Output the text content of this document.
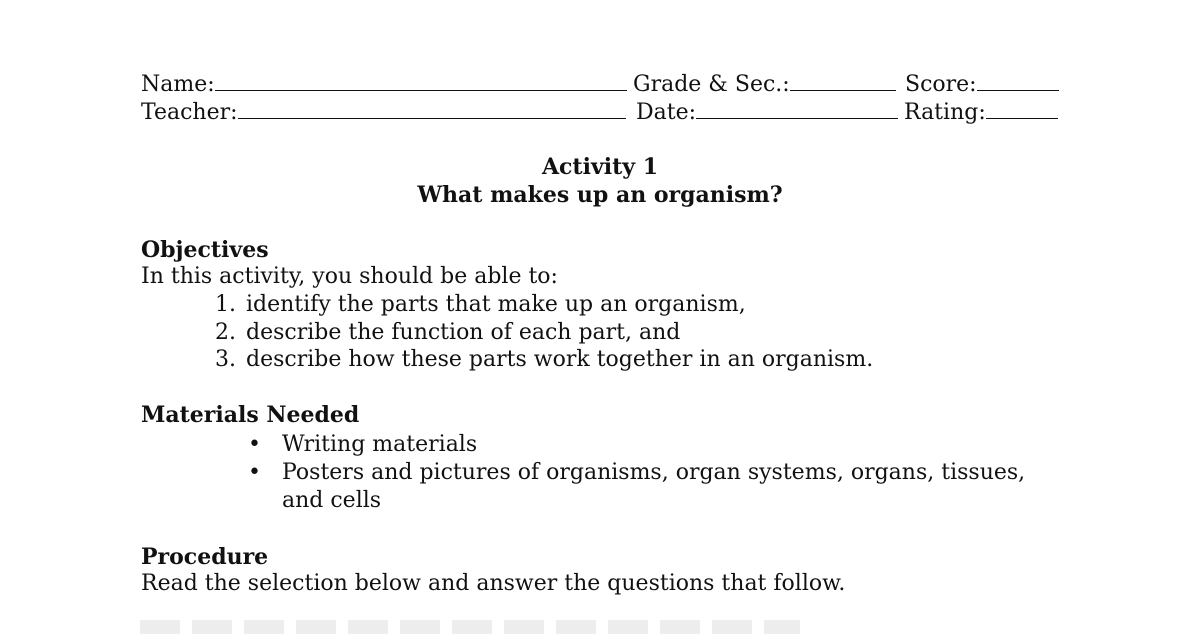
Name:	Grade & Sec.:	Score:
Teacher:	Date:	Rating:
Activity 1
What makes up an organism?
Objectives
In this activity, you should be able to:
1. identify the parts that make up an organism,
2. describe the function of each part, and
3. describe how these parts work together in an organism.
Materials Needed
• Writing materials
• Posters and pictures of organisms, organ systems, organs, tissues,
and cells
Procedure
Read the selection below and answer the questions that follow.
